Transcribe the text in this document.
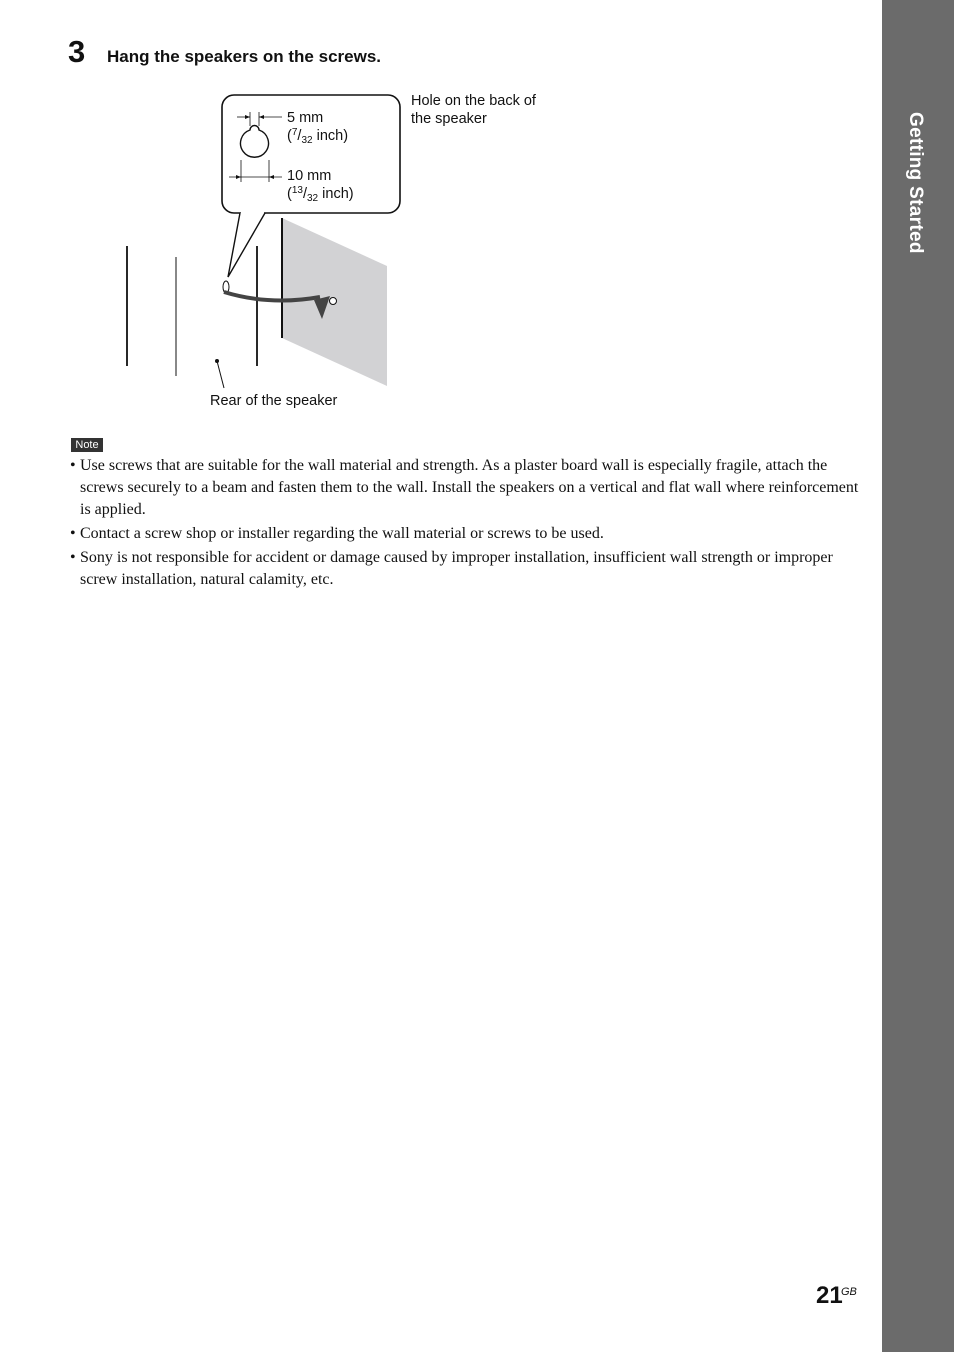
Getting Started
3 Hang the speakers on the screws.
Hole on the back of
the speaker
5 mm
($^7/_{32}$ inch)
10 mm
($^{13}/_{32}$ inch)
Rear of the speaker
Note
• Use screws that are suitable for the wall material and strength. As a plaster board wall is especially fragile, attach the screws securely to a beam and fasten them to the wall. Install the speakers on a vertical and flat wall where reinforcement is applied.
• Contact a screw shop or installer regarding the wall material or screws to be used.
• Sony is not responsible for accident or damage caused by improper installation, insufficient wall strength or improper screw installation, natural calamity, etc.
21
GB
